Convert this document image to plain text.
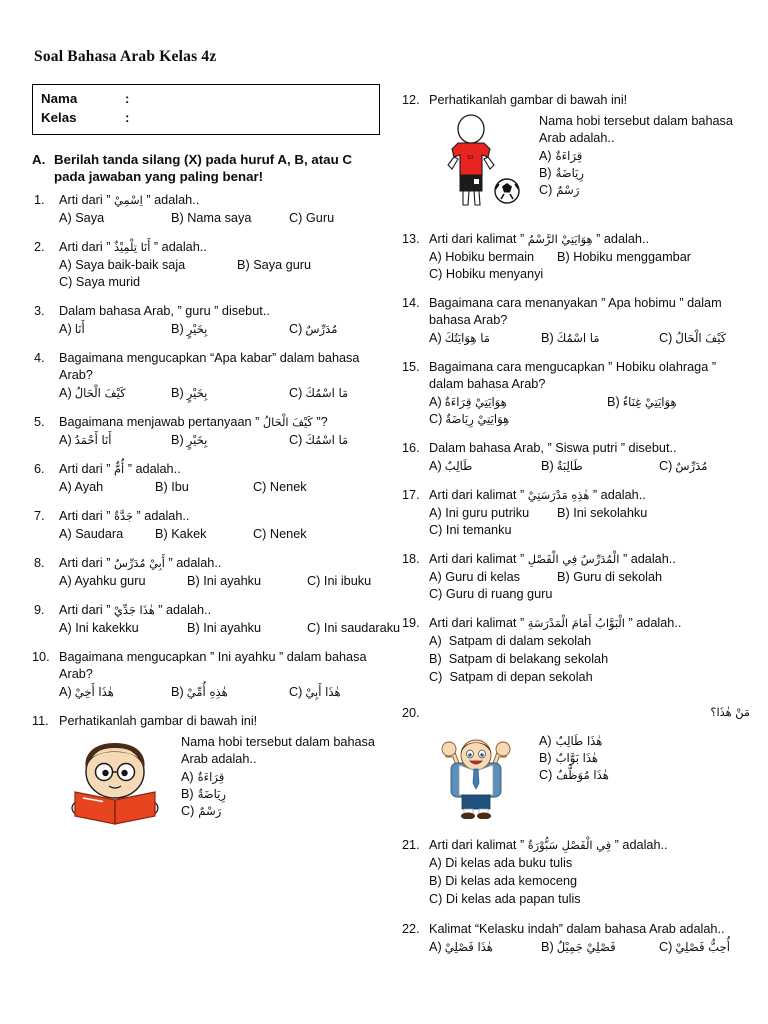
Soal Bahasa Arab Kelas 4z
Nama	:
Kelas	:
A. Berilah tanda silang (X) pada huruf A, B, atau C pada jawaban yang paling benar!
1.	Arti dari ” اِسْمِيْ ” adalah..
A) Saya	B) Nama saya	C) Guru
2.	Arti dari ” أَنَا تِلْمِيْذٌ ” adalah..
A) Saya baik-baik saja	B) Saya guru
C) Saya murid
3.	Dalam bahasa Arab, ” guru ” disebut..
A) أَنَا	B) بِخَيْرٍ	C) مُدَرِّسٌ
4.	Bagaimana mengucapkan “Apa kabar” dalam bahasa Arab?
A) كَيْفَ الْحَالُ	B) بِخَيْرٍ	C) مَا اسْمُكَ
5.	Bagaimana menjawab pertanyaan ” كَيْفَ الْحَالُ ”?
A) أَنَا أَحْمَدُ	B) بِخَيْرٍ	C) مَا اسْمُكَ
6.	Arti dari ” أُمٌّ ” adalah..
A) Ayah	B) Ibu	C) Nenek
7.	Arti dari ” جَدَّةٌ ” adalah..
A) Saudara	B) Kakek	C) Nenek
8.	Arti dari ” أَبِيْ مُدَرِّسٌ ” adalah..
A) Ayahku guru	B) Ini ayahku	C) Ini ibuku
9.	Arti dari ” هٰذَا جَدِّيْ ” adalah..
A) Ini kakekku	B) Ini ayahku	C) Ini saudaraku
10. Bagaimana mengucapkan ” Ini ayahku ” dalam bahasa Arab?
A) هٰذَا أَخِيْ	B) هٰذِهِ أُمِّيْ	C) هٰذَا أَبِيْ
11. Perhatikanlah gambar di bawah ini!
Nama hobi tersebut dalam bahasa Arab adalah..
A) قِرَاءَةٌ
B) رِيَاضَةٌ
C) رَسْمٌ
12. Perhatikanlah gambar di bawah ini!
10
Nama hobi tersebut dalam bahasa Arab adalah..
A) قِرَاءَةٌ
B) رِيَاضَةٌ
C) رَسْمٌ
13. Arti dari kalimat ” هِوَايَتِيْ الرَّسْمُ ” adalah..
A) Hobiku bermain	B) Hobiku menggambar
C) Hobiku menyanyi
14. Bagaimana cara menanyakan ” Apa hobimu ” dalam bahasa Arab?
A) مَا هِوَايَتُكَ	B) مَا اسْمُكَ	C) كَيْفَ الْحَالُ
15. Bagaimana cara mengucapkan ” Hobiku olahraga ” dalam bahasa Arab?
A) هِوَايَتِيْ قِرَاءَةٌ	B) هِوَايَتِيْ غِنَاءٌ
C) هِوَايَتِيْ رِيَاضَةٌ
16. Dalam bahasa Arab, ” Siswa putri ” disebut..
A) طَالِبٌ	B) طَالِبَةٌ	C) مُدَرِّسٌ
17. Arti dari kalimat ” هٰذِهِ مَدْرَسَتِيْ ” adalah..
A) Ini guru putriku	B) Ini sekolahku
C) Ini temanku
18. Arti dari kalimat ” الْمُدَرِّسُ فِي الْفَصْلِ ” adalah..
A) Guru di kelas	B) Guru di sekolah
C) Guru di ruang guru
19. Arti dari kalimat ” الْبَوَّابُ أَمَامَ الْمَدْرَسَةِ ” adalah..
A) Satpam di dalam sekolah
B) Satpam di belakang sekolah
C) Satpam di depan sekolah
20.	مَنْ هٰذَا؟
A) هٰذَا طَالِبٌ
B) هٰذَا بَوَّابٌ
C) هٰذَا مُوَظَّفٌ
21. Arti dari kalimat ” فِي الْفَصْلِ سَبُّوْرَةٌ ” adalah..
A) Di kelas ada buku tulis
B) Di kelas ada kemoceng
C) Di kelas ada papan tulis
22. Kalimat “Kelasku indah” dalam bahasa Arab adalah..
A) هٰذَا فَصْلِيْ	B) فَصْلِيْ جَمِيْلٌ	C) أُحِبُّ فَصْلِيْ
